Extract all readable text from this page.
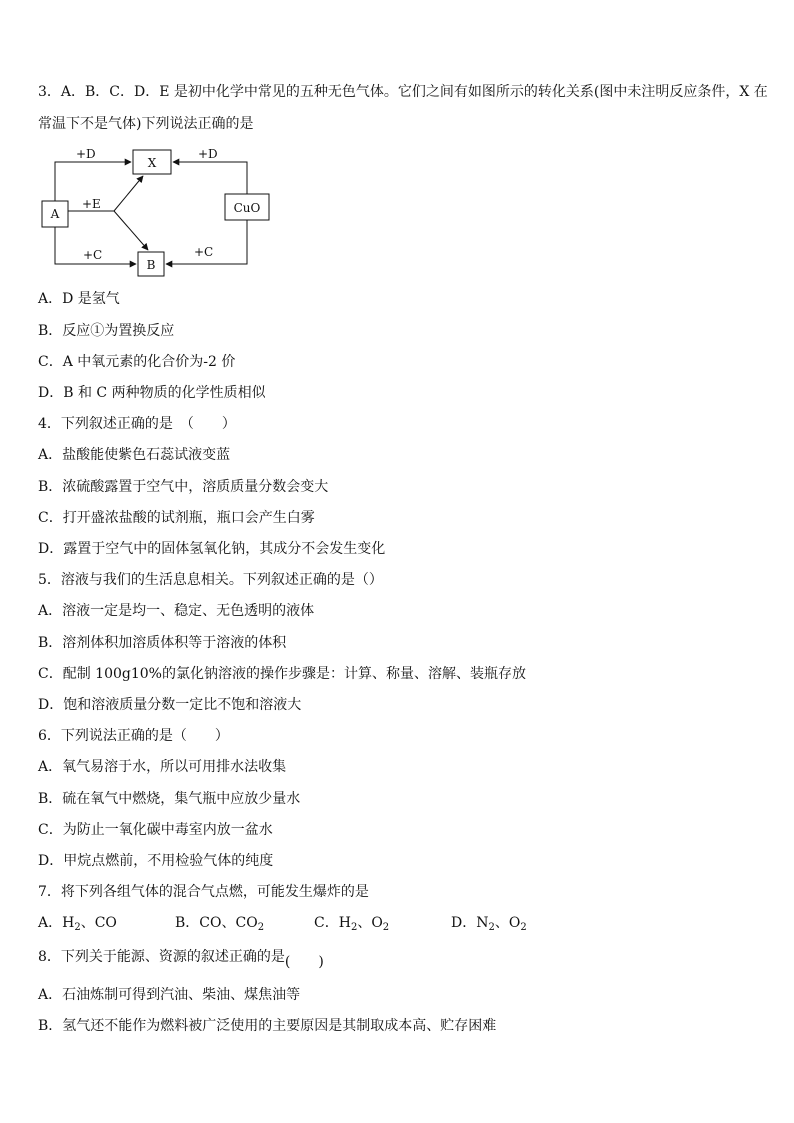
3．A．B．C．D．E 是初中化学中常见的五种无色气体。它们之间有如图所示的转化关系(图中未注明反应条件，X 在
常温下不是气体)下列说法正确的是
X
A	CuO
B
+D	+D
+E
+C	+C
A．D 是氢气
B．反应①为置换反应
C．A 中氧元素的化合价为-2 价
D．B 和 C 两种物质的化学性质相似
4．下列叙述正确的是　（　　）
A．盐酸能使紫色石蕊试液变蓝
B．浓硫酸露置于空气中，溶质质量分数会变大
C．打开盛浓盐酸的试剂瓶，瓶口会产生白雾
D．露置于空气中的固体氢氧化钠，其成分不会发生变化
5．溶液与我们的生活息息相关。下列叙述正确的是（）
A．溶液一定是均一、稳定、无色透明的液体
B．溶剂体积加溶质体积等于溶液的体积
C．配制 100g10%的氯化钠溶液的操作步骤是：计算、称量、溶解、装瓶存放
D．饱和溶液质量分数一定比不饱和溶液大
6．下列说法正确的是（　　）
A．氧气易溶于水，所以可用排水法收集
B．硫在氧气中燃烧，集气瓶中应放少量水
C．为防止一氧化碳中毒室内放一盆水
D．甲烷点燃前，不用检验气体的纯度
7．将下列各组气体的混合气点燃，可能发生爆炸的是
A．$H_2$、CO	B．CO、$CO_2$	C．$H_2$、$O_2$	D．$N_2$、$O_2$
8．下列关于能源、资源的叙述正确的是(　　)
A．石油炼制可得到汽油、柴油、煤焦油等
B．氢气还不能作为燃料被广泛使用的主要原因是其制取成本高、贮存困难
